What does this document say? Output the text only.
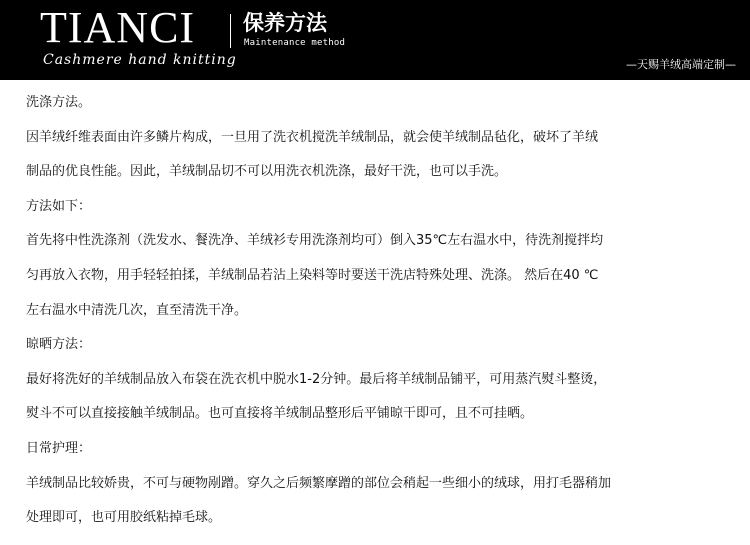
TIANCI 保养方法
Maintenance method
Cashmere hand knitting	—天赐羊绒高端定制—

洗涤方法。

因羊绒纤维表面由许多鳞片构成，一旦用了洗衣机搅洗羊绒制品，就会使羊绒制品毡化，破坏了羊绒

制品的优良性能。因此，羊绒制品切不可以用洗衣机洗涤，最好干洗，也可以手洗。

方法如下：

首先将中性洗涤剂（洗发水、餐洗净、羊绒衫专用洗涤剂均可）倒入35℃左右温水中，待洗剂搅拌均

匀再放入衣物，用手轻轻拍揉，羊绒制品若沾上染料等时要送干洗店特殊处理、洗涤。 然后在40 ℃

左右温水中清洗几次，直至清洗干净。

晾晒方法：

最好将洗好的羊绒制品放入布袋在洗衣机中脱水1-2分钟。最后将羊绒制品铺平，可用蒸汽熨斗整烫，

熨斗不可以直接接触羊绒制品。也可直接将羊绒制品整形后平铺晾干即可，且不可挂晒。

日常护理：

羊绒制品比较娇贵，不可与硬物剐蹭。穿久之后频繁摩蹭的部位会稍起一些细小的绒球，用打毛器稍加

处理即可，也可用胶纸粘掉毛球。
